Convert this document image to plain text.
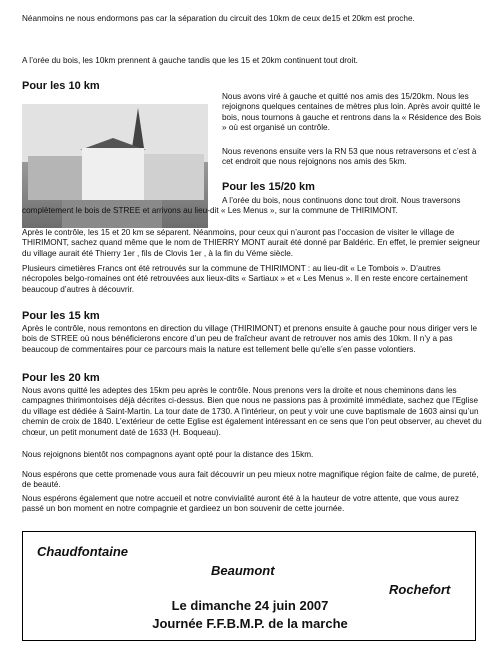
Néanmoins ne nous endormons pas car la séparation du circuit des 10km de ceux de15 et 20km est proche.

A l’orée du bois, les 10km prennent à gauche tandis que les 15 et 20km continuent tout droit.

Pour les 10 km

Nous avons viré à gauche et quitté nos amis des 15/20km. Nous les rejoignons quelques centaines de mètres plus loin. Après avoir quitté le bois, nous tournons à gauche et rentrons dans la « Résidence des Bois » où est organisé un contrôle.

Nous revenons ensuite vers la RN 53 que nous retraversons et c’est à cet endroit que nous rejoignons nos amis des 5km.

Pour les 15/20 km

A l’orée du bois, nous continuons donc tout droit. Nous traversons complètement le bois de STREE et arrivons au lieu-dit « Les Menus », sur la commune de THIRIMONT.

Après le contrôle, les 15 et 20 km se séparent. Néanmoins, pour ceux qui n’auront pas l’occasion de visiter le village de THIRIMONT, sachez quand même que le nom de THIERRY MONT aurait été donné par Baldéric. En effet, le premier seigneur du village aurait été Thierry 1er , fils de Clovis 1er , à la fin du Véme siècle.

Plusieurs cimetières Francs ont été retrouvés sur la commune de THIRIMONT : au lieu-dit « Le Tombois ». D’autres nécropoles belgo-romaines ont été retrouvées aux lieux-dits « Sartiaux » et « Les Menus ». Il en reste encore certainement beaucoup d’autres à découvrir.

Pour les 15 km

Après le contrôle, nous remontons en direction du village (THIRIMONT) et prenons ensuite à gauche pour nous diriger vers le bois de STREE où nous bénéficierons encore d’un peu de fraîcheur avant de retrouver nos amis des 10km. Il n’y a pas beaucoup de commentaires pour ce parcours mais la nature est tellement belle qu’elle s’en passe volontiers.

Pour les 20 km

Nous avons quitté les adeptes des 15km peu après le contrôle. Nous prenons vers la droite et nous cheminons dans les campagnes thirimontoises déjà décrites ci-dessus. Bien que nous ne passions pas à proximité immédiate, sachez que l’Eglise du village est dédiée à Saint-Martin. La tour date de 1730. A l’intérieur, on peut y voir une cuve baptismale de 1603 ainsi qu’un chemin de croix de 1840. L’extérieur de cette Eglise est également intéressant en ce sens que l’on peut observer, au chevet du chœur, un petit monument daté de 1633 (H. Boqueau).

Nous rejoignons bientôt nos compagnons ayant opté pour la distance des 15km.

Nous espérons que cette promenade vous aura fait découvrir un peu mieux notre magnifique région faite de calme, de pureté, de beauté.

Nous espérons également que notre accueil et notre convivialité auront été à la hauteur de votre attente, que vous aurez passé un bon moment en notre compagnie et gardieez un bon souvenir de cette journée.

Chaudfontaine

Beaumont

Rochefort

Le dimanche 24 juin 2007

Journée F.F.B.M.P. de la marche
